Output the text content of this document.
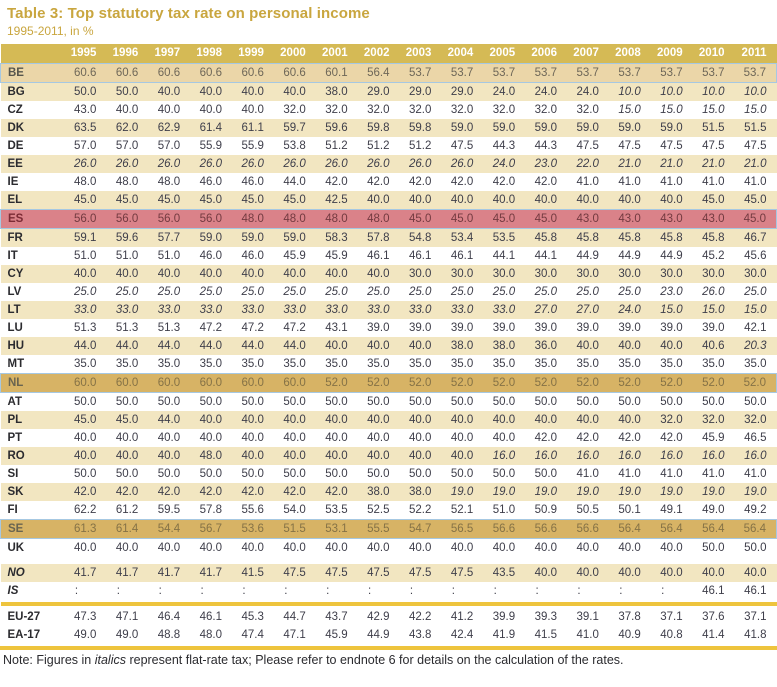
Table 3: Top statutory tax rate on personal income
1995-2011, in %
	1995	1996	1997	1998	1999	2000	2001	2002	2003	2004	2005	2006	2007	2008	2009	2010	2011
BE	60.6	60.6	60.6	60.6	60.6	60.6	60.1	56.4	53.7	53.7	53.7	53.7	53.7	53.7	53.7	53.7	53.7
BG	50.0	50.0	40.0	40.0	40.0	40.0	38.0	29.0	29.0	29.0	24.0	24.0	24.0	10.0	10.0	10.0	10.0
CZ	43.0	40.0	40.0	40.0	40.0	32.0	32.0	32.0	32.0	32.0	32.0	32.0	32.0	15.0	15.0	15.0	15.0
DK	63.5	62.0	62.9	61.4	61.1	59.7	59.6	59.8	59.8	59.0	59.0	59.0	59.0	59.0	59.0	51.5	51.5
DE	57.0	57.0	57.0	55.9	55.9	53.8	51.2	51.2	51.2	47.5	44.3	44.3	47.5	47.5	47.5	47.5	47.5
EE	26.0	26.0	26.0	26.0	26.0	26.0	26.0	26.0	26.0	26.0	24.0	23.0	22.0	21.0	21.0	21.0	21.0
IE	48.0	48.0	48.0	46.0	46.0	44.0	42.0	42.0	42.0	42.0	42.0	42.0	41.0	41.0	41.0	41.0	41.0
EL	45.0	45.0	45.0	45.0	45.0	45.0	42.5	40.0	40.0	40.0	40.0	40.0	40.0	40.0	40.0	45.0	45.0
ES	56.0	56.0	56.0	56.0	48.0	48.0	48.0	48.0	45.0	45.0	45.0	45.0	43.0	43.0	43.0	43.0	45.0
FR	59.1	59.6	57.7	59.0	59.0	59.0	58.3	57.8	54.8	53.4	53.5	45.8	45.8	45.8	45.8	45.8	46.7
IT	51.0	51.0	51.0	46.0	46.0	45.9	45.9	46.1	46.1	46.1	44.1	44.1	44.9	44.9	44.9	45.2	45.6
CY	40.0	40.0	40.0	40.0	40.0	40.0	40.0	40.0	30.0	30.0	30.0	30.0	30.0	30.0	30.0	30.0	30.0
LV	25.0	25.0	25.0	25.0	25.0	25.0	25.0	25.0	25.0	25.0	25.0	25.0	25.0	25.0	23.0	26.0	25.0
LT	33.0	33.0	33.0	33.0	33.0	33.0	33.0	33.0	33.0	33.0	33.0	27.0	27.0	24.0	15.0	15.0	15.0
LU	51.3	51.3	51.3	47.2	47.2	47.2	43.1	39.0	39.0	39.0	39.0	39.0	39.0	39.0	39.0	39.0	42.1
HU	44.0	44.0	44.0	44.0	44.0	44.0	40.0	40.0	40.0	38.0	38.0	36.0	40.0	40.0	40.0	40.6	20.3
MT	35.0	35.0	35.0	35.0	35.0	35.0	35.0	35.0	35.0	35.0	35.0	35.0	35.0	35.0	35.0	35.0	35.0
NL	60.0	60.0	60.0	60.0	60.0	60.0	52.0	52.0	52.0	52.0	52.0	52.0	52.0	52.0	52.0	52.0	52.0
AT	50.0	50.0	50.0	50.0	50.0	50.0	50.0	50.0	50.0	50.0	50.0	50.0	50.0	50.0	50.0	50.0	50.0
PL	45.0	45.0	44.0	40.0	40.0	40.0	40.0	40.0	40.0	40.0	40.0	40.0	40.0	40.0	32.0	32.0	32.0
PT	40.0	40.0	40.0	40.0	40.0	40.0	40.0	40.0	40.0	40.0	40.0	42.0	42.0	42.0	42.0	45.9	46.5
RO	40.0	40.0	40.0	48.0	40.0	40.0	40.0	40.0	40.0	40.0	16.0	16.0	16.0	16.0	16.0	16.0	16.0
SI	50.0	50.0	50.0	50.0	50.0	50.0	50.0	50.0	50.0	50.0	50.0	50.0	41.0	41.0	41.0	41.0	41.0
SK	42.0	42.0	42.0	42.0	42.0	42.0	42.0	38.0	38.0	19.0	19.0	19.0	19.0	19.0	19.0	19.0	19.0
FI	62.2	61.2	59.5	57.8	55.6	54.0	53.5	52.5	52.2	52.1	51.0	50.9	50.5	50.1	49.1	49.0	49.2
SE	61.3	61.4	54.4	56.7	53.6	51.5	53.1	55.5	54.7	56.5	56.6	56.6	56.6	56.4	56.4	56.4	56.4
UK	40.0	40.0	40.0	40.0	40.0	40.0	40.0	40.0	40.0	40.0	40.0	40.0	40.0	40.0	40.0	50.0	50.0

NO	41.7	41.7	41.7	41.7	41.5	47.5	47.5	47.5	47.5	47.5	43.5	40.0	40.0	40.0	40.0	40.0	40.0
IS	:	:	:	:	:	:	:	:	:	:	:	:	:	:	:	46.1	46.1

EU-27	47.3	47.1	46.4	46.1	45.3	44.7	43.7	42.9	42.2	41.2	39.9	39.3	39.1	37.8	37.1	37.6	37.1
EA-17	49.0	49.0	48.8	48.0	47.4	47.1	45.9	44.9	43.8	42.4	41.9	41.5	41.0	40.9	40.8	41.4	41.8
Note: Figures in italics represent flat-rate tax; Please refer to endnote 6 for details on the calculation of the rates.
